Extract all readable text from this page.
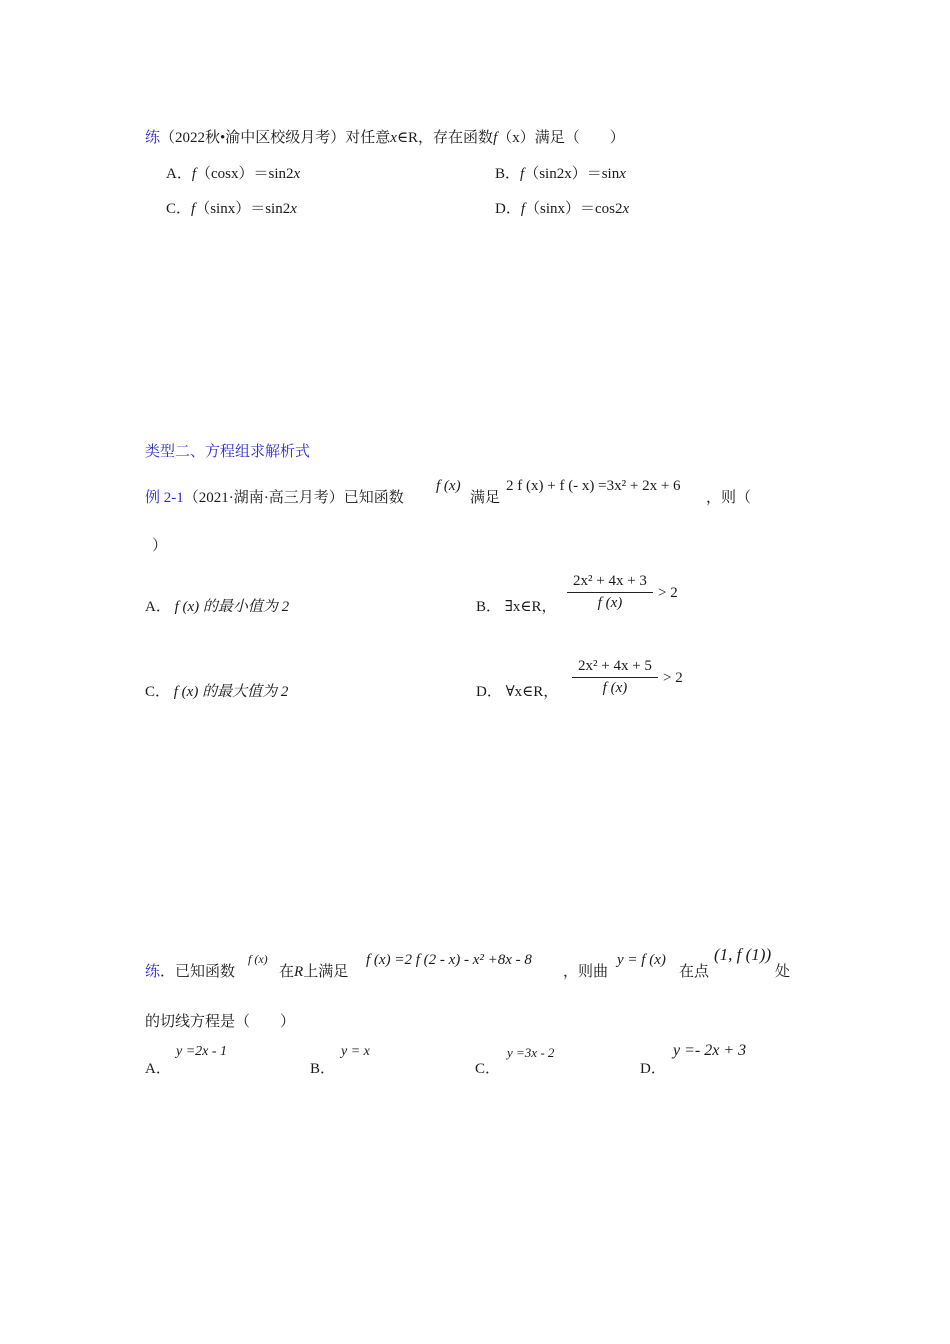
练（2022秋•渝中区校级月考）对任意x∈R，存在函数f（x）满足（　　）
A．f（cosx）＝sin2x	B．f（sin2x）＝sinx
C．f（sinx）＝sin2x	D．f（sinx）＝cos2x
类型二、方程组求解析式
例 2-1（2021·湖南·高三月考）已知函数
f (x)
满足
2 f (x) + f (- x) =3x² + 2x + 6
，则（
）
A． f (x) 的最小值为 2	B． ∃x∈R，
2x² + 4x + 3
f (x)
> 2
C． f (x) 的最大值为 2	D． ∀x∈R，
2x² + 4x + 5
f (x)
> 2
练．已知函数
f (x)
在R上满足
f (x) =2 f (2 - x) - x² +8x - 8
，则曲
y = f (x)
在点
(1, f (1))
处
的切线方程是（　　）
A．
y =2x - 1
B．
y = x
C．
y =3x - 2
D．
y =- 2x + 3
